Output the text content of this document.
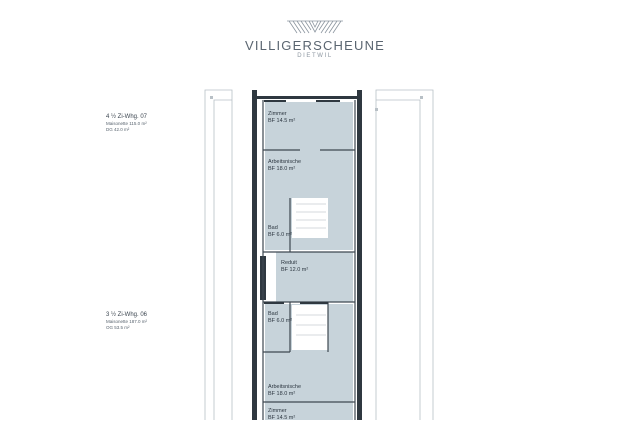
VILLIGERSCHEUNE
DIETWIL
4 ½ Zi-Whg. 07
Maisonette 115.0 m²
DG 42.0 m²
3 ½ Zi-Whg. 06
Maisonette 187.0 m²
OG 53.5 m²
Zimmer
BF 14.5 m²
Arbeitsnische
BF 18.0 m²
Bad
BF 6.0 m²
Reduit
BF 12.0 m²
Bad
BF 6.0 m²
Arbeitsnische
BF 18.0 m²
Zimmer
BF 14.5 m²
